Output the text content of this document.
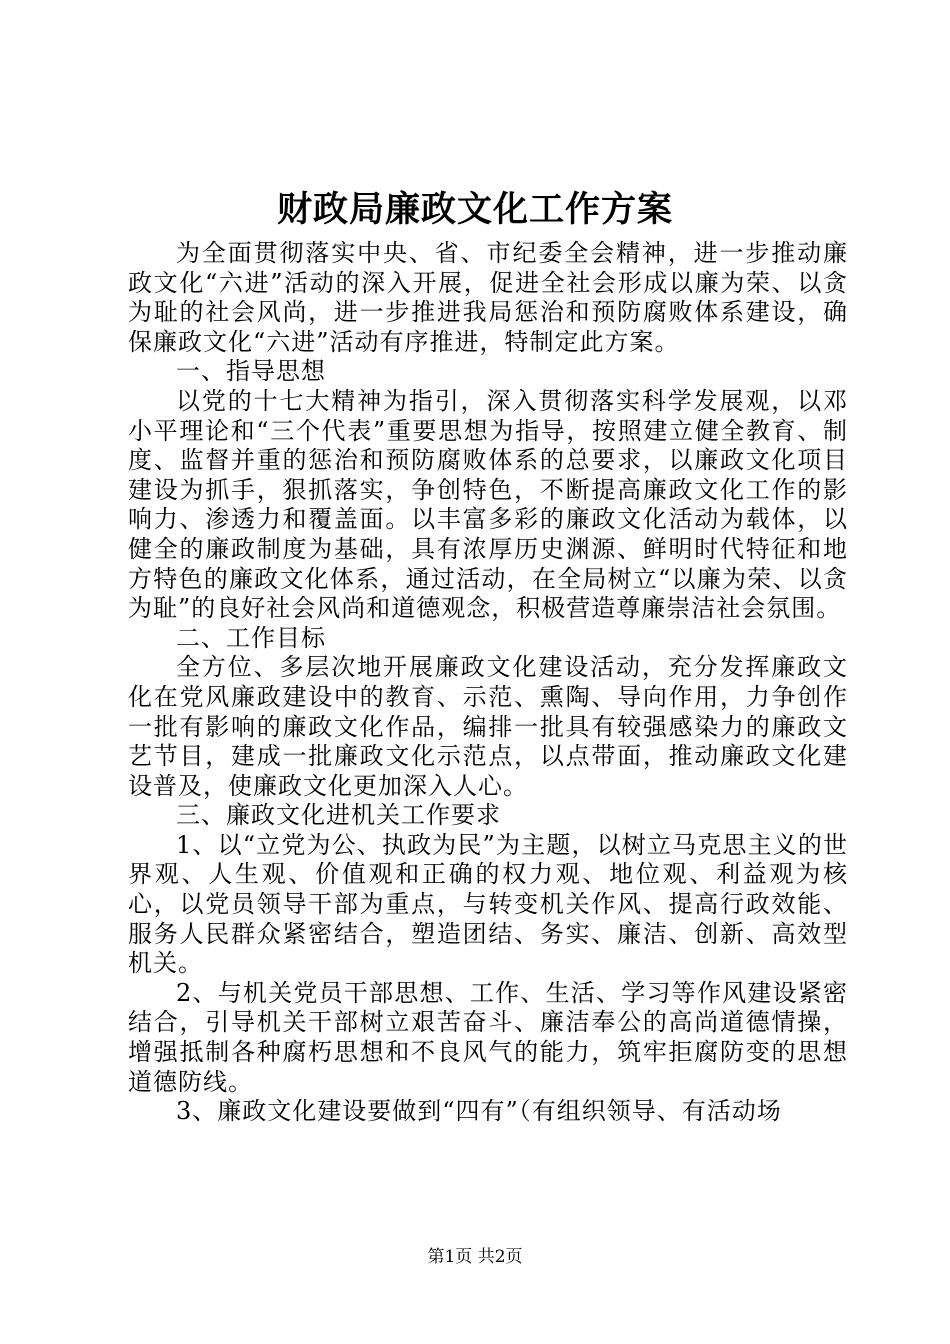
财政局廉政文化工作方案

为全面贯彻落实中央、省、市纪委全会精神，进一步推动廉政文化“六进”活动的深入开展，促进全社会形成以廉为荣、以贪为耻的社会风尚，进一步推进我局惩治和预防腐败体系建设，确保廉政文化“六进”活动有序推进，特制定此方案。

一、指导思想

以党的十七大精神为指引，深入贯彻落实科学发展观，以邓小平理论和“三个代表”重要思想为指导，按照建立健全教育、制度、监督并重的惩治和预防腐败体系的总要求，以廉政文化项目建设为抓手，狠抓落实，争创特色，不断提高廉政文化工作的影响力、渗透力和覆盖面。以丰富多彩的廉政文化活动为载体，以健全的廉政制度为基础，具有浓厚历史渊源、鲜明时代特征和地方特色的廉政文化体系，通过活动，在全局树立“以廉为荣、以贪为耻”的良好社会风尚和道德观念，积极营造尊廉崇洁社会氛围。

二、工作目标

全方位、多层次地开展廉政文化建设活动，充分发挥廉政文化在党风廉政建设中的教育、示范、熏陶、导向作用，力争创作一批有影响的廉政文化作品，编排一批具有较强感染力的廉政文艺节目，建成一批廉政文化示范点，以点带面，推动廉政文化建设普及，使廉政文化更加深入人心。

三、廉政文化进机关工作要求

1、以“立党为公、执政为民”为主题，以树立马克思主义的世界观、人生观、价值观和正确的权力观、地位观、利益观为核心，以党员领导干部为重点，与转变机关作风、提高行政效能、服务人民群众紧密结合，塑造团结、务实、廉洁、创新、高效型机关。

2、与机关党员干部思想、工作、生活、学习等作风建设紧密结合，引导机关干部树立艰苦奋斗、廉洁奉公的高尚道德情操，增强抵制各种腐朽思想和不良风气的能力，筑牢拒腐防变的思想道德防线。

3、廉政文化建设要做到“四有”（有组织领导、有活动场

第1页 共2页
